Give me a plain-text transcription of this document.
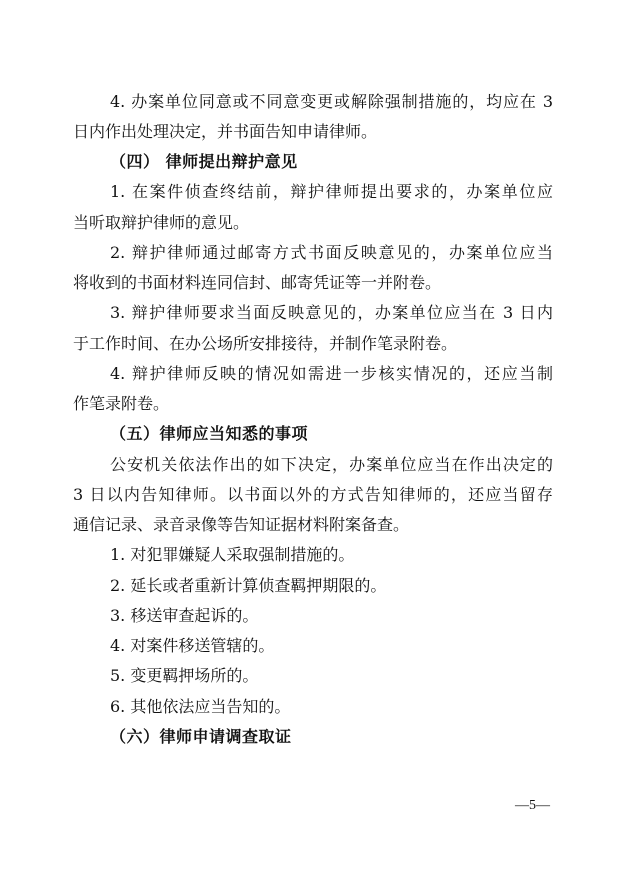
4. 办案单位同意或不同意变更或解除强制措施的，均应在 3
日内作出处理决定，并书面告知申请律师。
（四） 律师提出辩护意见
1. 在案件侦查终结前，辩护律师提出要求的，办案单位应
当听取辩护律师的意见。
2. 辩护律师通过邮寄方式书面反映意见的，办案单位应当
将收到的书面材料连同信封、邮寄凭证等一并附卷。
3. 辩护律师要求当面反映意见的，办案单位应当在 3 日内
于工作时间、在办公场所安排接待，并制作笔录附卷。
4. 辩护律师反映的情况如需进一步核实情况的，还应当制
作笔录附卷。
（五）律师应当知悉的事项
公安机关依法作出的如下决定，办案单位应当在作出决定的
3 日以内告知律师。以书面以外的方式告知律师的，还应当留存
通信记录、录音录像等告知证据材料附案备查。
1. 对犯罪嫌疑人采取强制措施的。
2. 延长或者重新计算侦查羁押期限的。
3. 移送审查起诉的。
4. 对案件移送管辖的。
5. 变更羁押场所的。
6. 其他依法应当告知的。
（六）律师申请调查取证
—5—
